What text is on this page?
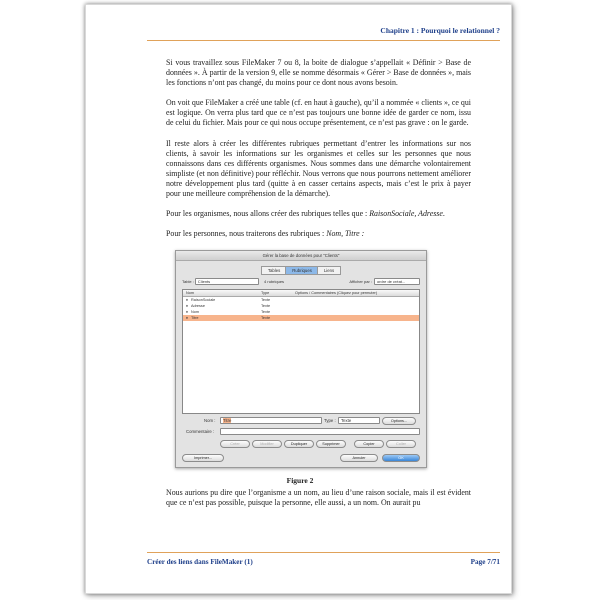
Chapitre 1 : Pourquoi le relationnel ?

Si vous travaillez sous FileMaker 7 ou 8, la boite de dialogue s’appellait « Définir > Base de données ». À partir de la version 9, elle se nomme désormais « Gérer > Base de données », mais les fonctions n’ont pas changé, du moins pour ce dont nous avons besoin.

On voit que FileMaker a créé une table (cf. en haut à gauche), qu’il a nommée « clients », ce qui est logique. On verra plus tard que ce n’est pas toujours une bonne idée de garder ce nom, issu de celui du fichier. Mais pour ce qui nous occupe présentement, ce n’est pas grave : on le garde.

Il reste alors à créer les différentes rubriques permettant d’entrer les informations sur nos clients, à savoir les informations sur les organismes et celles sur les personnes que nous connaissons dans ces différents organismes. Nous sommes dans une démarche volontairement simpliste (et non définitive) pour réfléchir. Nous verrons que nous pourrons nettement améliorer notre développement plus tard (quitte à en casser certains aspects, mais c’est le prix à payer pour une meilleure compréhension de la démarche).

Pour les organismes, nous allons créer des rubriques telles que : RaisonSociale, Adresse.

Pour les personnes, nous traiterons des rubriques : Nom, Titre :

Gérer la base de données pour "Clients"
Tables	Rubriques	Liens
Table : Clients	4 rubriques	Afficher par :	ordre de créat...
Nom	Type	Options / Commentaires (Cliquez pour permuter)
♦ RaisonSociale	Texte
♦ Adresse	Texte
♦ Nom	Texte
♦ Titre	Texte
Nom :	Titre	Type :	Texte	Options...
Commentaire :
Créer	Modifier	Dupliquer	Supprimer	Copier	Coller
Imprimer...	Annuler	OK
Figure 2
Nous aurions pu dire que l’organisme a un nom, au lieu d’une raison sociale, mais il est évident que ce n’est pas possible, puisque la personne, elle aussi, a un nom. On aurait pu
Créer des liens dans FileMaker (1)	Page 7/71
